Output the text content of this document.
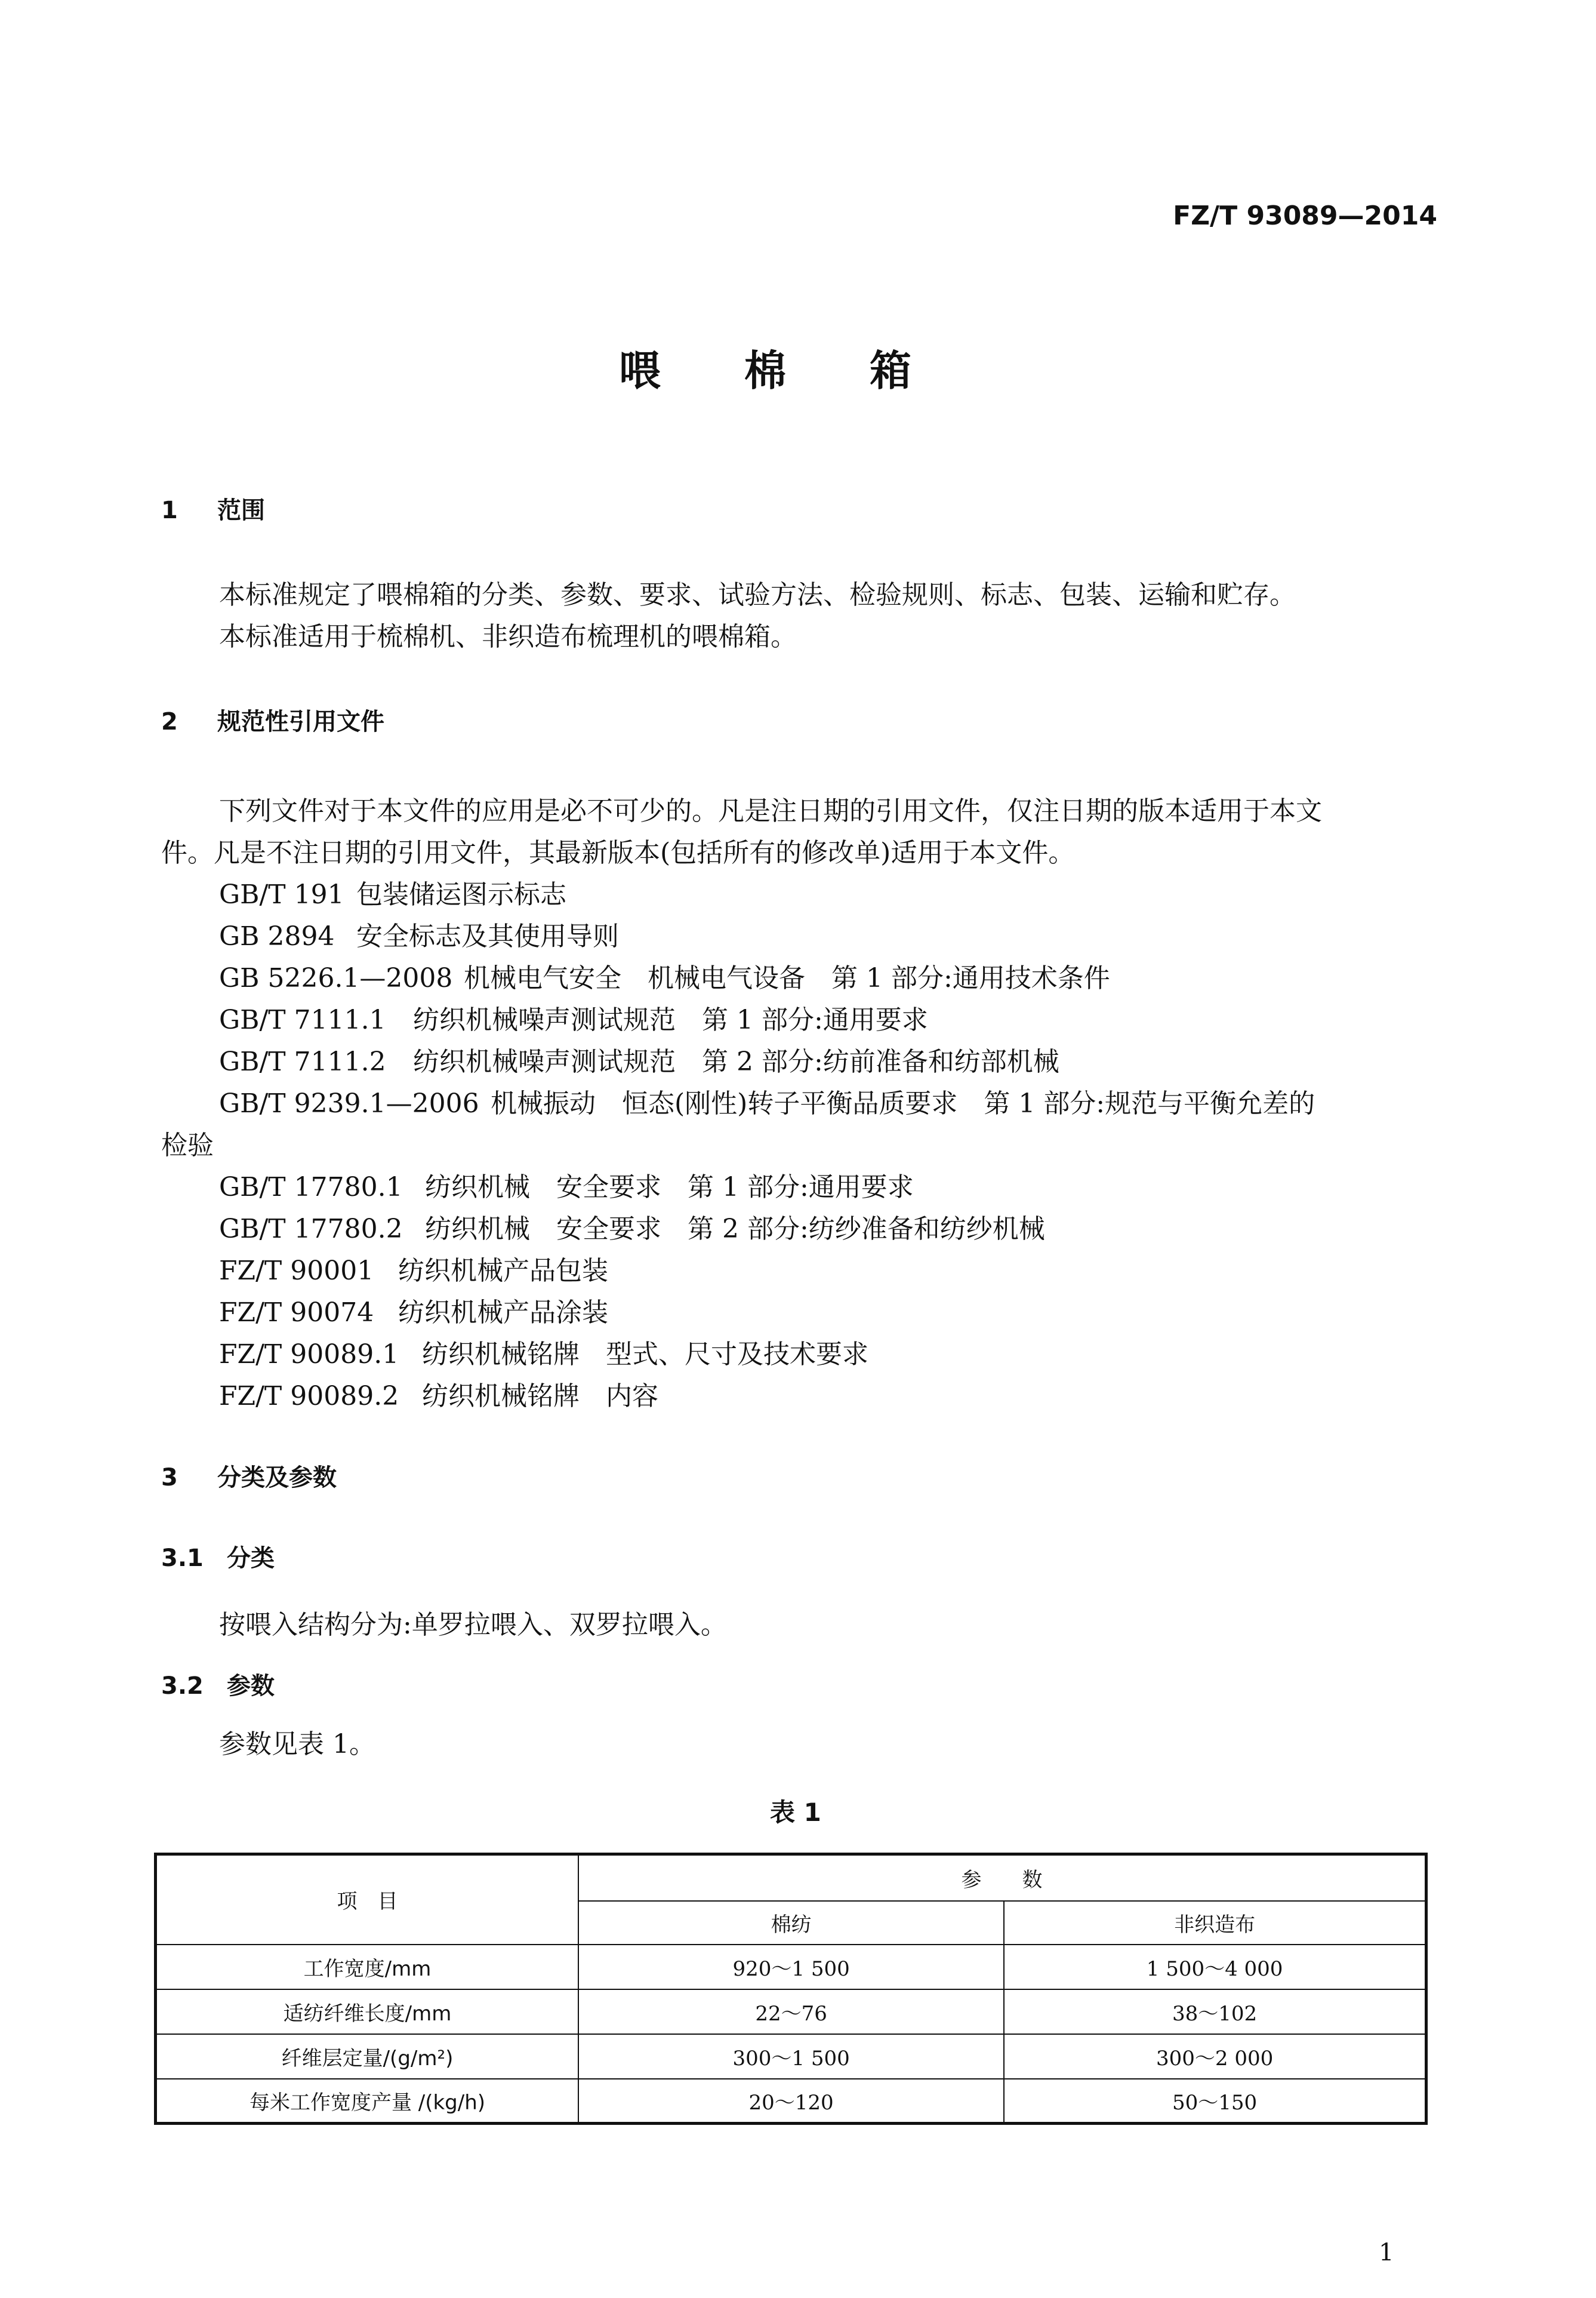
FZ/T 93089—2014
喂棉箱
1 范围
本标准规定了喂棉箱的分类、参数、要求、试验方法、检验规则、标志、包装、运输和贮存。
本标准适用于梳棉机、非织造布梳理机的喂棉箱。
2 规范性引用文件
下列文件对于本文件的应用是必不可少的。凡是注日期的引用文件，仅注日期的版本适用于本文
件。凡是不注日期的引用文件，其最新版本(包括所有的修改单)适用于本文件。
GB/T 191 包装储运图示标志
GB 2894 安全标志及其使用导则
GB 5226.1—2008 机械电气安全　机械电气设备　第 1 部分:通用技术条件
GB/T 7111.1 纺织机械噪声测试规范　第 1 部分:通用要求
GB/T 7111.2 纺织机械噪声测试规范　第 2 部分:纺前准备和纺部机械
GB/T 9239.1—2006 机械振动　恒态(刚性)转子平衡品质要求　第 1 部分:规范与平衡允差的
检验
GB/T 17780.1 纺织机械　安全要求　第 1 部分:通用要求
GB/T 17780.2 纺织机械　安全要求　第 2 部分:纺纱准备和纺纱机械
FZ/T 90001 纺织机械产品包装
FZ/T 90074 纺织机械产品涂装
FZ/T 90089.1 纺织机械铭牌　型式、尺寸及技术要求
FZ/T 90089.2 纺织机械铭牌　内容
3 分类及参数
3.1 分类
按喂入结构分为:单罗拉喂入、双罗拉喂入。
3.2 参数
参数见表 1。
表 1
项　目	参　　数	
	棉纺	非织造布
工作宽度/mm	920～1 500	1 500～4 000
适纺纤维长度/mm	22～76	38～102
纤维层定量/(g/m²)	300～1 500	300～2 000
每米工作宽度产量 /(kg/h)	20～120	50～150
1
